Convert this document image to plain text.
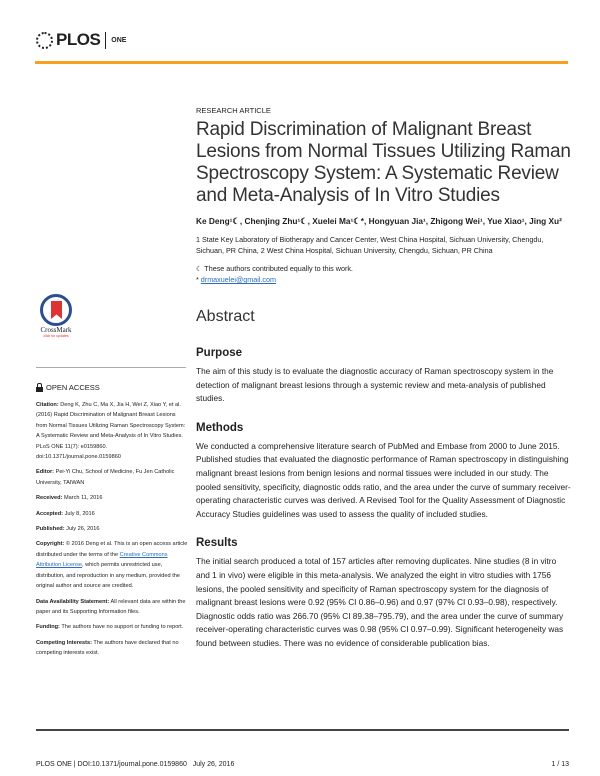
PLOS ONE
RESEARCH ARTICLE
Rapid Discrimination of Malignant Breast Lesions from Normal Tissues Utilizing Raman Spectroscopy System: A Systematic Review and Meta-Analysis of In Vitro Studies
Ke Deng¹☾, Chenjing Zhu¹☾, Xuelei Ma¹☾*, Hongyuan Jia¹, Zhigong Wei¹, Yue Xiao¹, Jing Xu²
1 State Key Laboratory of Biotherapy and Cancer Center, West China Hospital, Sichuan University, Chengdu, Sichuan, PR China, 2 West China Hospital, Sichuan University, Chengdu, Sichuan, PR China
☾ These authors contributed equally to this work.
* drmaxuelei@gmail.com
Abstract
Purpose

The aim of this study is to evaluate the diagnostic accuracy of Raman spectroscopy system in the detection of malignant breast lesions through a systemic review and meta-analysis of published studies.

Methods

We conducted a comprehensive literature search of PubMed and Embase from 2000 to June 2015. Published studies that evaluated the diagnostic performance of Raman spectroscopy in distinguishing malignant breast lesions from benign lesions and normal tissues were included in our study. The pooled sensitivity, specificity, diagnostic odds ratio, and the area under the curve of summary receiver-operating characteristic curves was derived. A Revised Tool for the Quality Assessment of Diagnostic Accuracy Studies guidelines was used to assess the quality of included studies.

Results

The initial search produced a total of 157 articles after removing duplicates. Nine studies (8 in vitro and 1 in vivo) were eligible in this meta-analysis. We analyzed the eight in vitro studies with 1756 lesions, the pooled sensitivity and specificity of Raman spectroscopy system for the diagnosis of malignant breast lesions were 0.92 (95% CI 0.86–0.96) and 0.97 (97% CI 0.93–0.98), respectively. Diagnostic odds ratio was 266.70 (95% CI 89.38–795.79), and the area under the curve of summary receiver-operating characteristic curves was 0.98 (95% CI 0.97–0.99). Significant heterogeneity was found between studies. There was no evidence of considerable publication bias.

CrossMark
click for updates
OPEN ACCESS
Citation: Deng K, Zhu C, Ma X, Jia H, Wei Z, Xiao Y, et al. (2016) Rapid Discrimination of Malignant Breast Lesions from Normal Tissues Utilizing Raman Spectroscopy System: A Systematic Review and Meta-Analysis of In Vitro Studies. PLoS ONE 11(7): e0159860. doi:10.1371/journal.pone.0159860
Editor: Pei-Yi Chu, School of Medicine, Fu Jen Catholic University, TAIWAN
Received: March 11, 2016
Accepted: July 8, 2016
Published: July 26, 2016
Copyright: © 2016 Deng et al. This is an open access article distributed under the terms of the Creative Commons Attribution License, which permits unrestricted use, distribution, and reproduction in any medium, provided the original author and source are credited.
Data Availability Statement: All relevant data are within the paper and its Supporting Information files.
Funding: The authors have no support or funding to report.
Competing Interests: The authors have declared that no competing interests exist.
PLOS ONE | DOI:10.1371/journal.pone.0159860   July 26, 2016	1 / 13
